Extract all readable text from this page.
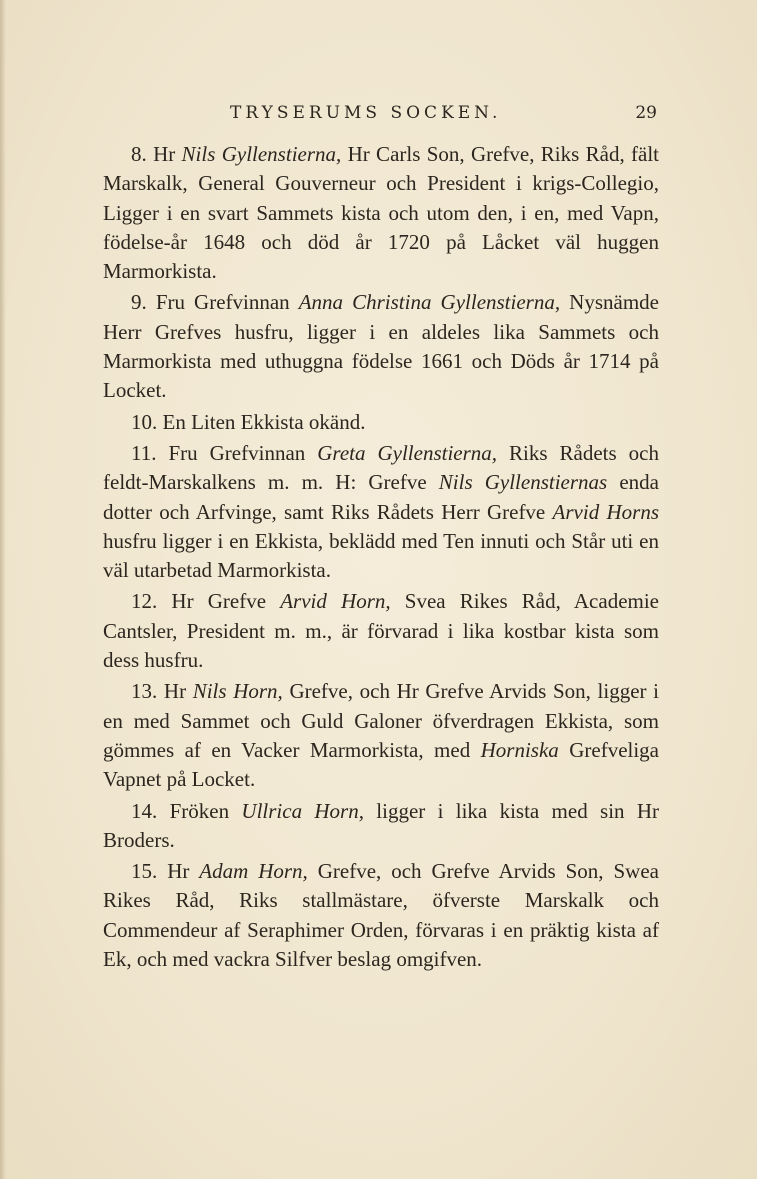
TRYSERUMS SOCKEN.	29

8. Hr Nils Gyllenstierna, Hr Carls Son, Grefve, Riks Råd, fält Marskalk, General Gouverneur och President i krigs-Collegio, Ligger i en svart Sammets kista och utom den, i en, med Vapn, födelse-år 1648 och död år 1720 på Låcket väl huggen Marmorkista.

9. Fru Grefvinnan Anna Christina Gyllenstierna, Nysnämde Herr Grefves husfru, ligger i en aldeles lika Sammets och Marmorkista med uthuggna födelse 1661 och Döds år 1714 på Locket.

10. En Liten Ekkista okänd.

11. Fru Grefvinnan Greta Gyllenstierna, Riks Rådets och feldt-Marskalkens m. m. H: Grefve Nils Gyllenstiernas enda dotter och Arfvinge, samt Riks Rådets Herr Grefve Arvid Horns husfru ligger i en Ekkista, beklädd med Ten innuti och Står uti en väl utarbetad Marmorkista.

12. Hr Grefve Arvid Horn, Svea Rikes Råd, Academie Cantsler, President m. m., är förvarad i lika kostbar kista som dess husfru.

13. Hr Nils Horn, Grefve, och Hr Grefve Arvids Son, ligger i en med Sammet och Guld Galoner öfverdragen Ekkista, som gömmes af en Vacker Marmorkista, med Horniska Grefveliga Vapnet på Locket.

14. Fröken Ullrica Horn, ligger i lika kista med sin Hr Broders.

15. Hr Adam Horn, Grefve, och Grefve Arvids Son, Swea Rikes Råd, Riks stallmästare, öfverste Marskalk och Commendeur af Seraphimer Orden, förvaras i en präktig kista af Ek, och med vackra Silfver beslag omgifven.
